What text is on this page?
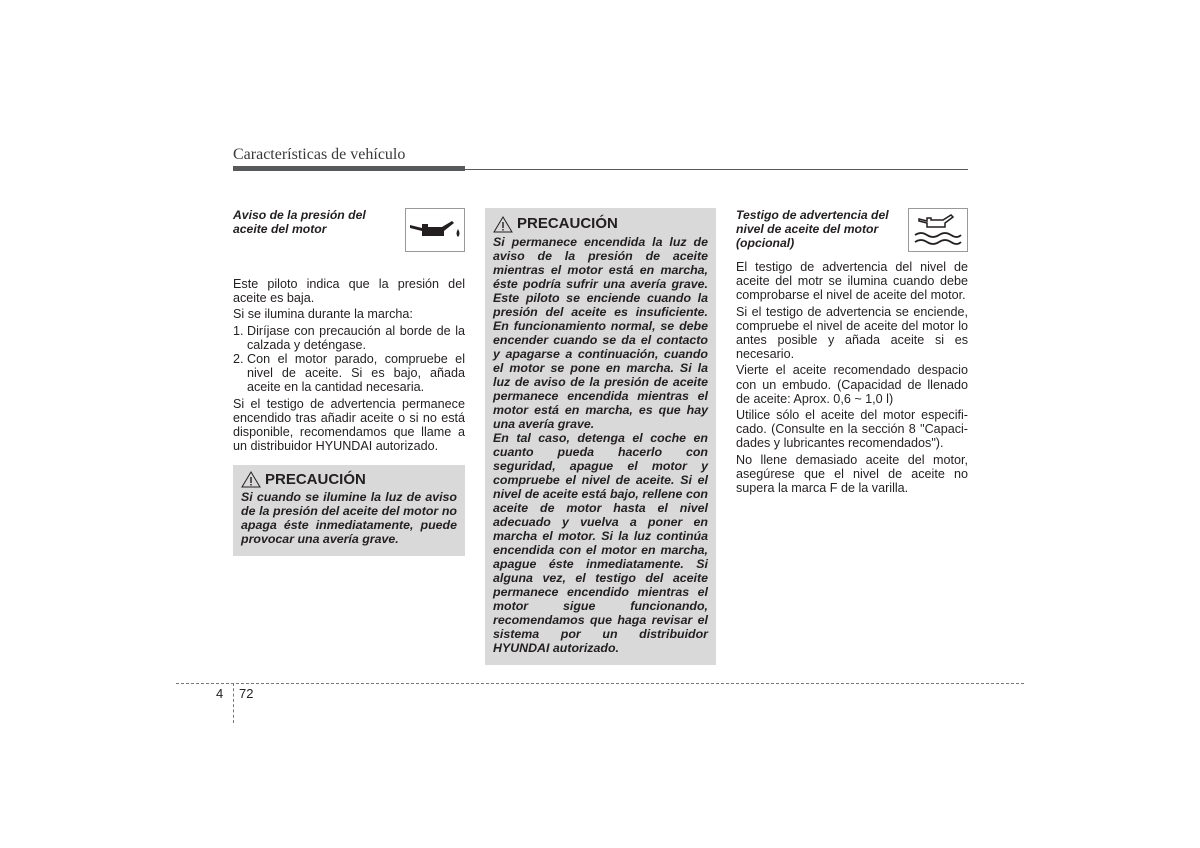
Características de vehículo
Aviso de la presión del
aceite del motor

Este piloto indica que la presión del aceite es baja.

Si se ilumina durante la marcha:

1. Diríjase con precaución al borde de la calzada y deténgase.
2. Con el motor parado, compruebe el nivel de aceite. Si es bajo, añada aceite en la cantidad necesaria.

Si el testigo de advertencia permanece encendido tras añadir aceite o si no está disponible, recomendamos que llame a un distribuidor HYUNDAI autorizado.

PRECAUCIÓN

Si cuando se ilumine la luz de aviso de la presión del aceite del motor no apaga éste inmediatamente, puede provocar una avería grave.

PRECAUCIÓN

Si permanece encendida la luz de aviso de la presión de aceite mientras el motor está en marcha, éste podría sufrir una avería grave. Este piloto se enciende cuando la presión del aceite es insuficiente. En funcionamiento normal, se debe encender cuando se da el contacto y apagarse a continuación, cuando el motor se pone en marcha. Si la luz de aviso de la presión de aceite permanece encendida mientras el motor está en marcha, es que hay una avería grave.

En tal caso, detenga el coche en cuanto pueda hacerlo con seguridad, apague el motor y compruebe el nivel de aceite. Si el nivel de aceite está bajo, rellene con aceite de motor hasta el nivel adecuado y vuelva a poner en marcha el motor. Si la luz continúa encendida con el motor en marcha, apague éste inmediatamente. Si alguna vez, el testigo del aceite permanece encendido mientras el motor sigue funcionando, recomendamos que haga revisar el sistema por un distribuidor HYUNDAI autorizado.

Testigo de advertencia del
nivel de aceite del motor
(opcional)

El testigo de advertencia del nivel de aceite del motr se ilumina cuando debe comprobarse el nivel de aceite del motor.

Si el testigo de advertencia se enciende, compruebe el nivel de aceite del motor lo antes posible y añada aceite si es necesario.

Vierte el aceite recomendado despacio con un embudo. (Capacidad de llenado de aceite: Aprox. 0,6 ~ 1,0 l)

Utilice sólo el aceite del motor especifi-cado. (Consulte en la sección 8 "Capaci-dades y lubricantes recomendados").

No llene demasiado aceite del motor, asegúrese que el nivel de aceite no supera la marca F de la varilla.

4 72
